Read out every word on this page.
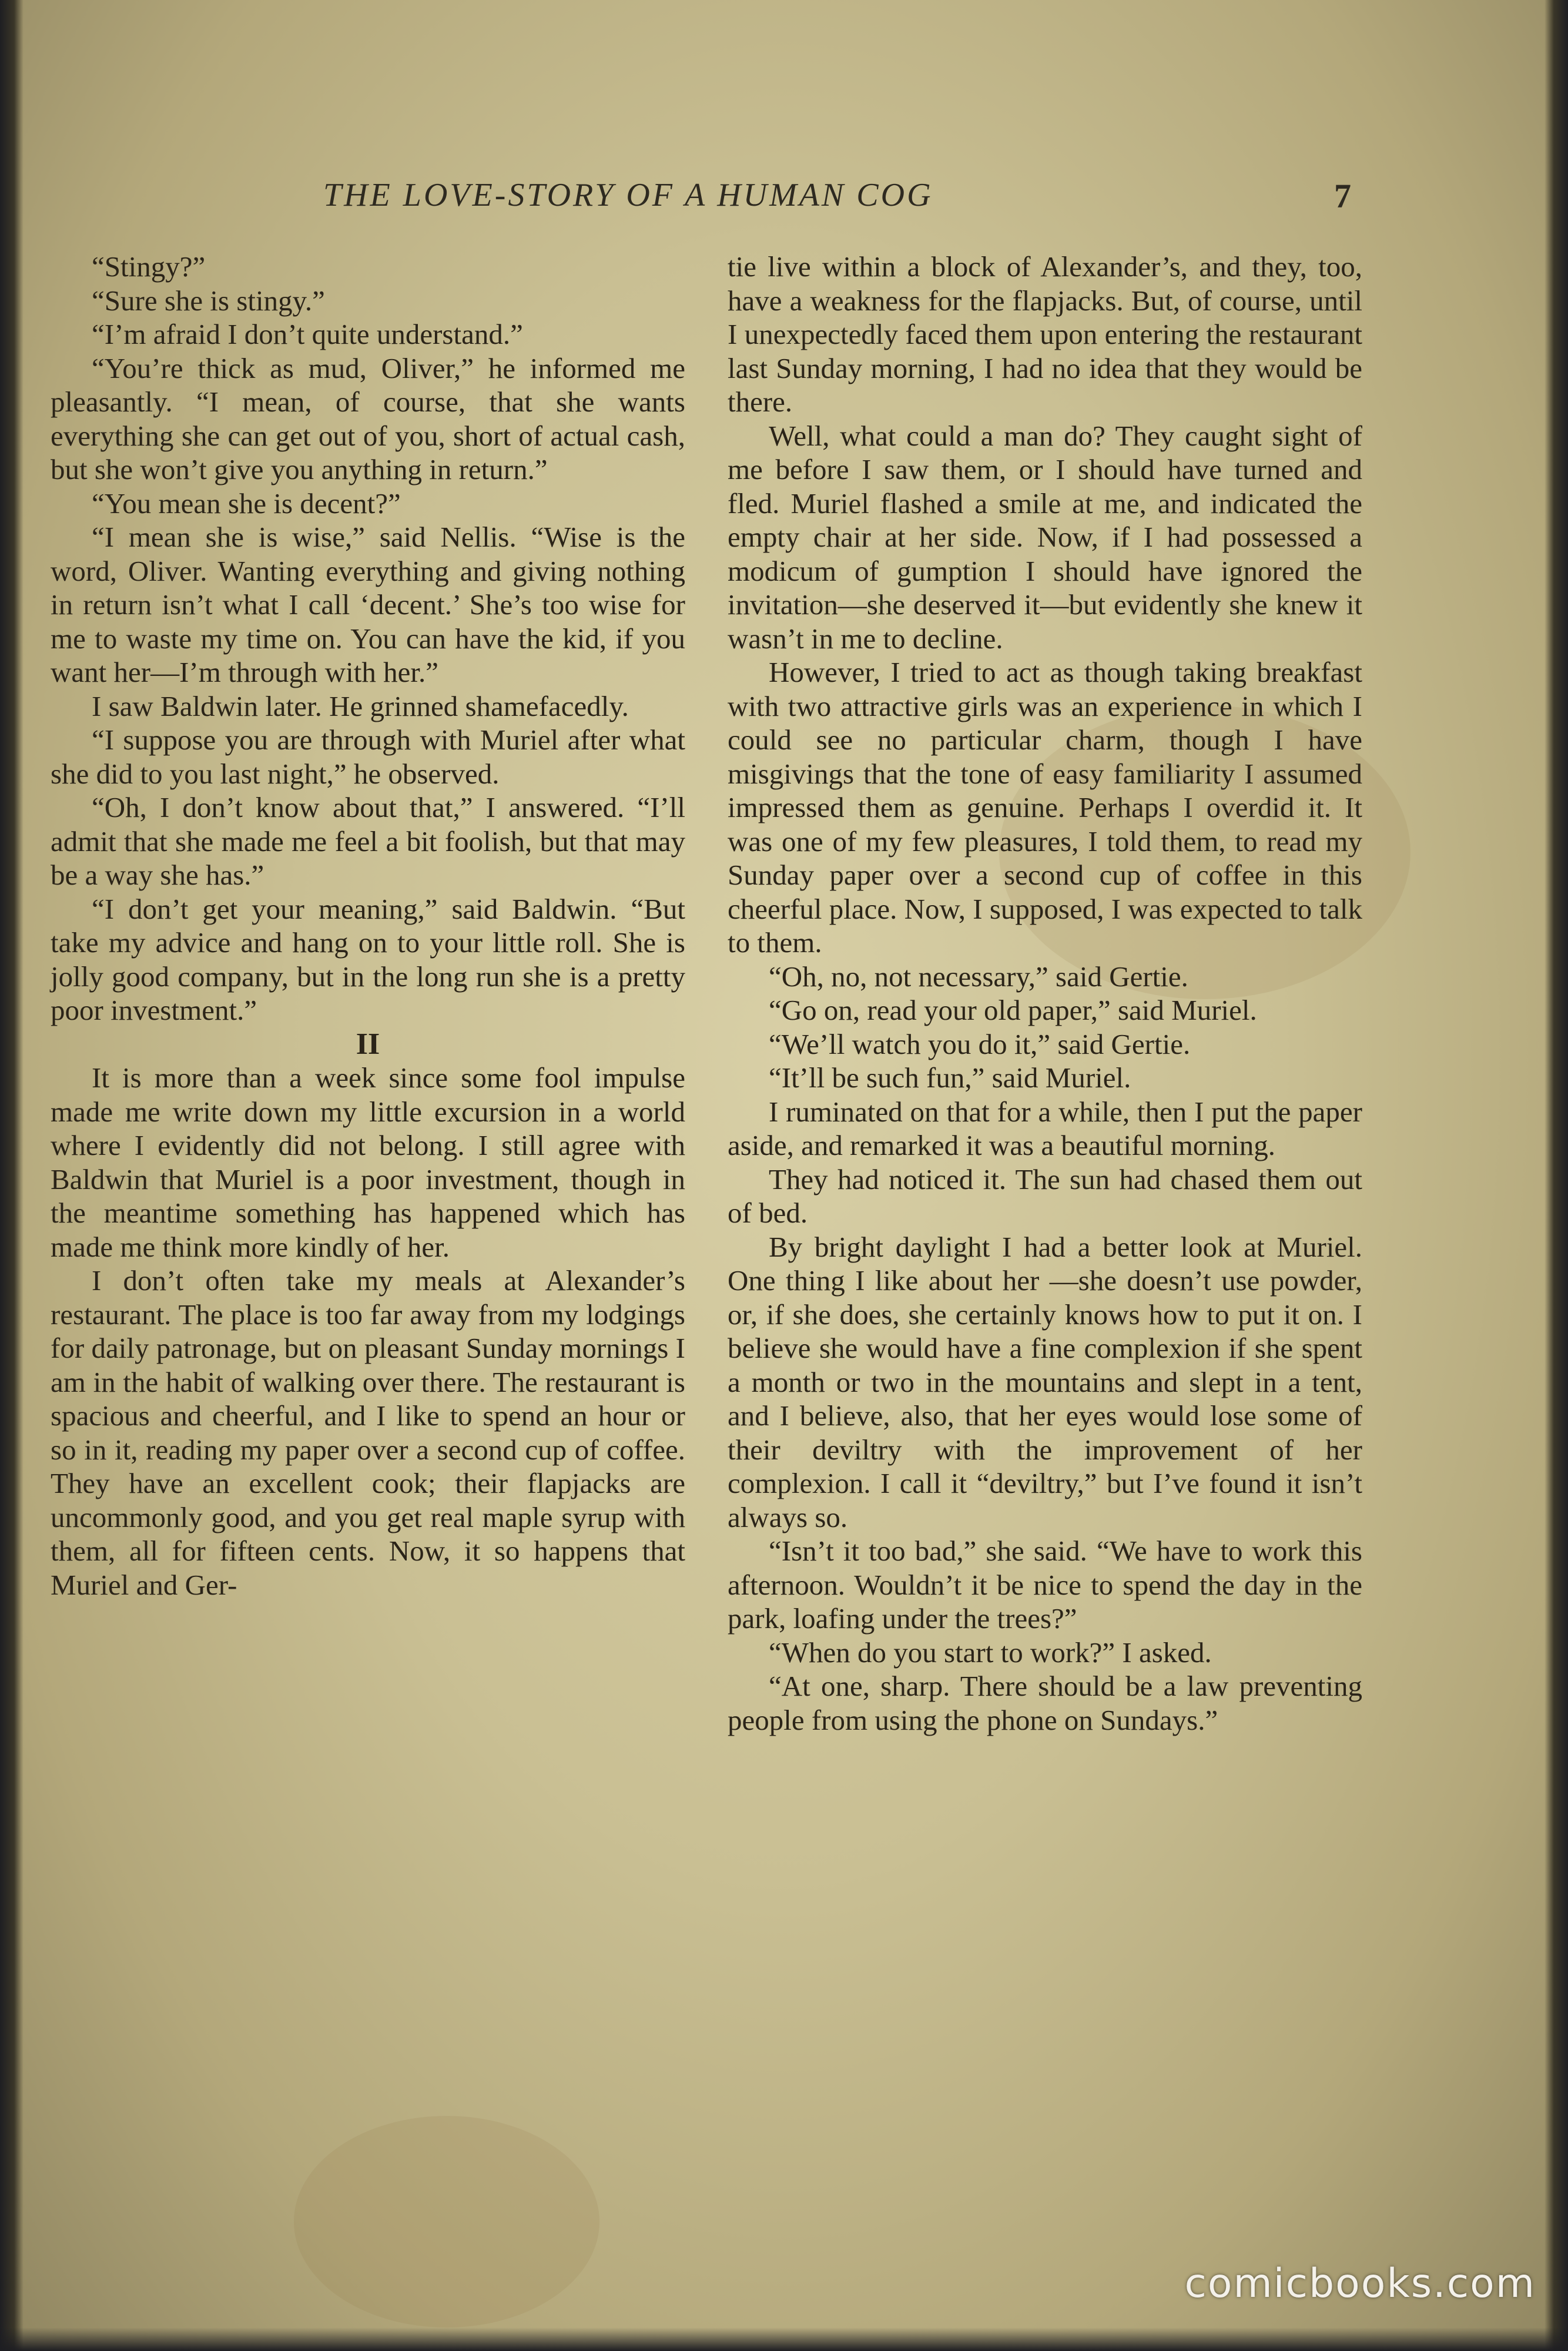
THE LOVE-STORY OF A HUMAN COG	7

“Stingy?”

“Sure she is stingy.”

“I’m afraid I don’t quite understand.”

“You’re thick as mud, Oliver,” he informed me pleasantly. “I mean, of course, that she wants everything she can get out of you, short of actual cash, but she won’t give you anything in return.”

“You mean she is decent?”

“I mean she is wise,” said Nellis. “Wise is the word, Oliver. Wanting everything and giving nothing in return isn’t what I call ‘decent.’ She’s too wise for me to waste my time on. You can have the kid, if you want her—I’m through with her.”

I saw Baldwin later. He grinned shamefacedly.

“I suppose you are through with Muriel after what she did to you last night,” he observed.

“Oh, I don’t know about that,” I answered. “I’ll admit that she made me feel a bit foolish, but that may be a way she has.”

“I don’t get your meaning,” said Baldwin. “But take my advice and hang on to your little roll. She is jolly good company, but in the long run she is a pretty poor investment.”

II

It is more than a week since some fool impulse made me write down my little excursion in a world where I evidently did not belong. I still agree with Baldwin that Muriel is a poor investment, though in the meantime something has happened which has made me think more kindly of her.

I don’t often take my meals at Alexander’s restaurant. The place is too far away from my lodgings for daily patronage, but on pleasant Sunday mornings I am in the habit of walking over there. The restaurant is spacious and cheerful, and I like to spend an hour or so in it, reading my paper over a second cup of coffee. They have an excellent cook; their flapjacks are uncommonly good, and you get real maple syrup with them, all for fifteen cents. Now, it so happens that Muriel and Ger-

tie live within a block of Alexander’s, and they, too, have a weakness for the flapjacks. But, of course, until I unexpectedly faced them upon entering the restaurant last Sunday morning, I had no idea that they would be there.

Well, what could a man do? They caught sight of me before I saw them, or I should have turned and fled. Muriel flashed a smile at me, and indicated the empty chair at her side. Now, if I had possessed a modicum of gumption I should have ignored the invitation—she deserved it—but evidently she knew it wasn’t in me to decline.

However, I tried to act as though taking breakfast with two attractive girls was an experience in which I could see no particular charm, though I have misgivings that the tone of easy familiarity I assumed impressed them as genuine. Perhaps I overdid it. It was one of my few pleasures, I told them, to read my Sunday paper over a second cup of coffee in this cheerful place. Now, I supposed, I was expected to talk to them.

“Oh, no, not necessary,” said Gertie.

“Go on, read your old paper,” said Muriel.

“We’ll watch you do it,” said Gertie.

“It’ll be such fun,” said Muriel.

I ruminated on that for a while, then I put the paper aside, and remarked it was a beautiful morning.

They had noticed it. The sun had chased them out of bed.

By bright daylight I had a better look at Muriel. One thing I like about her —she doesn’t use powder, or, if she does, she certainly knows how to put it on. I believe she would have a fine complexion if she spent a month or two in the mountains and slept in a tent, and I believe, also, that her eyes would lose some of their deviltry with the improvement of her complexion. I call it “deviltry,” but I’ve found it isn’t always so.

“Isn’t it too bad,” she said. “We have to work this afternoon. Wouldn’t it be nice to spend the day in the park, loafing under the trees?”

“When do you start to work?” I asked.

“At one, sharp. There should be a law preventing people from using the phone on Sundays.”

comicbooks.com
